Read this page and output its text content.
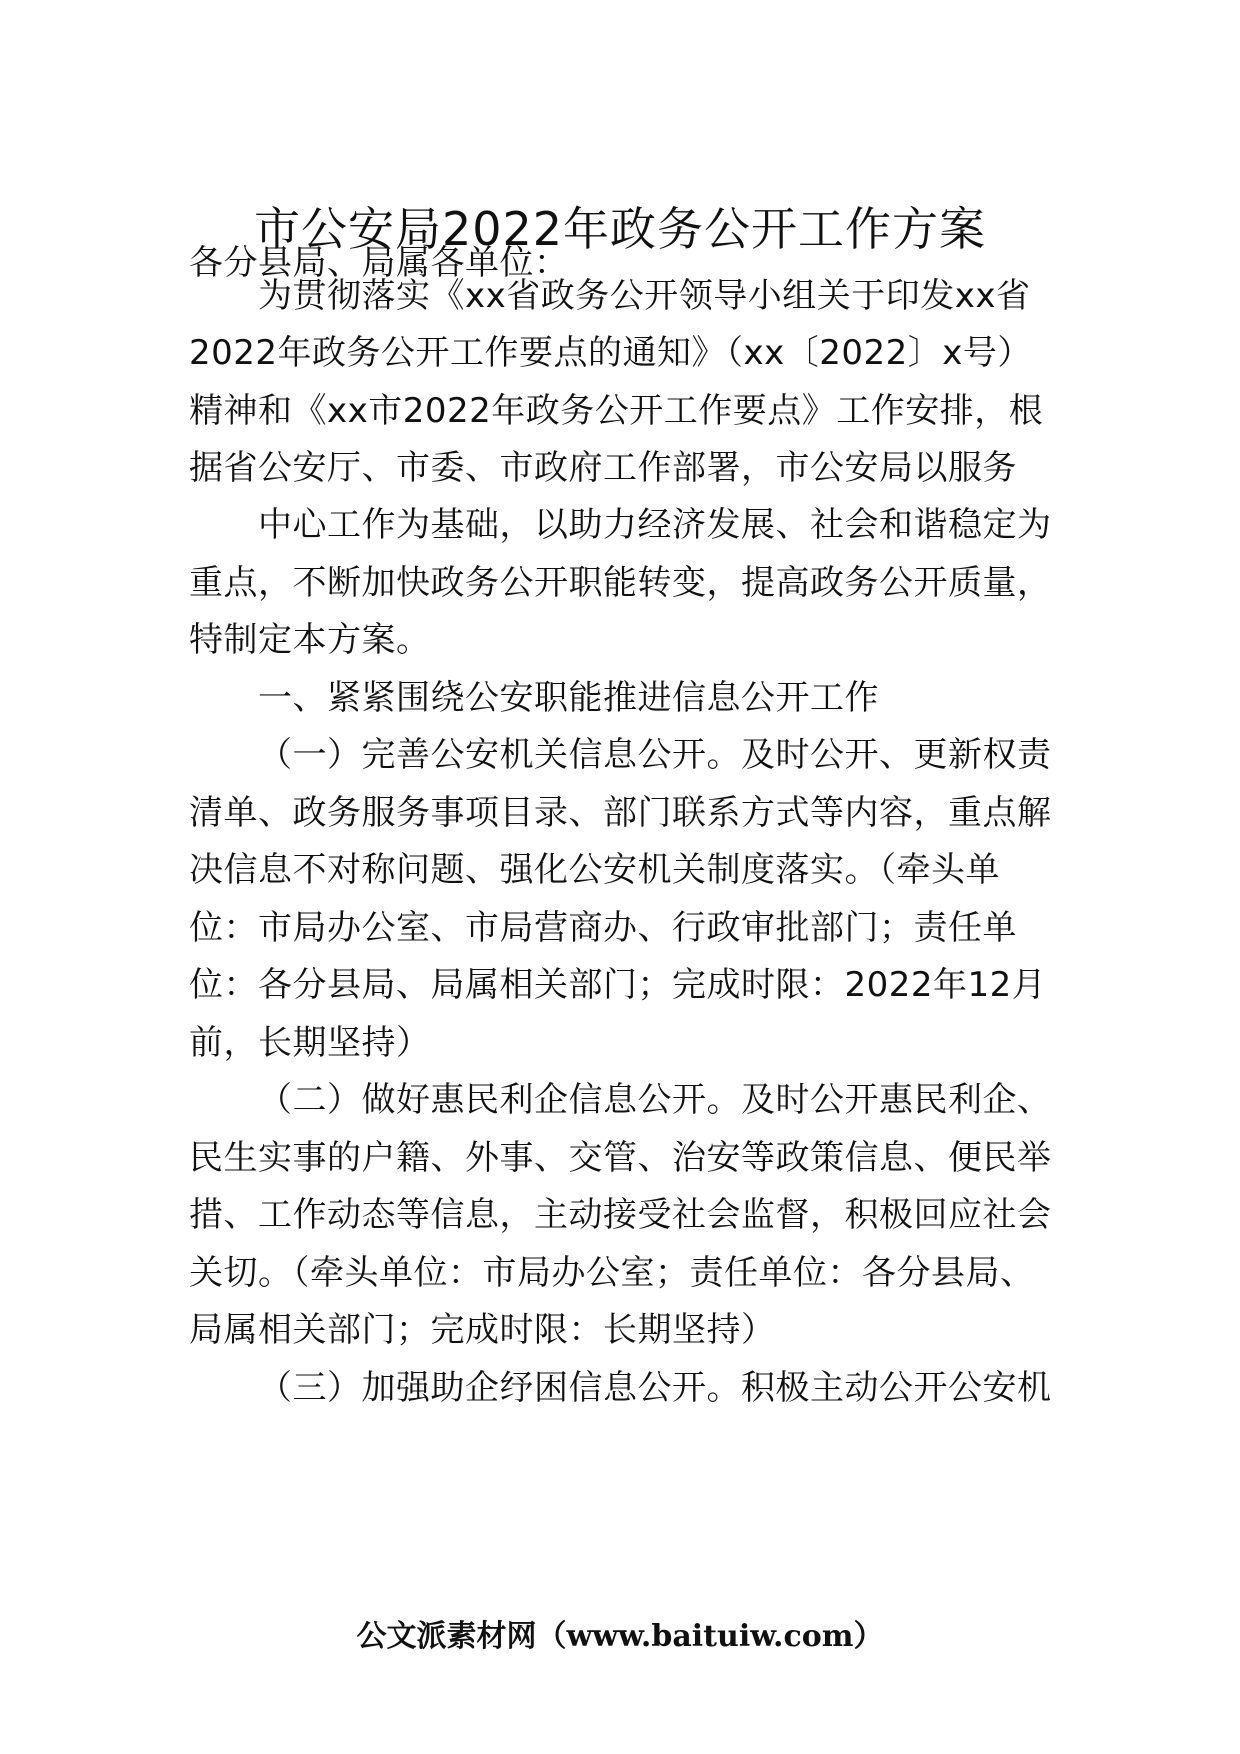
市公安局2022年政务公开工作方案
各分县局、局属各单位：
为贯彻落实《xx省政务公开领导小组关于印发xx省
2022年政务公开工作要点的通知》（xx〔2022〕x号）
精神和《xx市2022年政务公开工作要点》工作安排，根
据省公安厅、市委、市政府工作部署，市公安局以服务
中心工作为基础，以助力经济发展、社会和谐稳定为
重点，不断加快政务公开职能转变，提高政务公开质量，
特制定本方案。
一、紧紧围绕公安职能推进信息公开工作
（一）完善公安机关信息公开。及时公开、更新权责
清单、政务服务事项目录、部门联系方式等内容，重点解
决信息不对称问题、强化公安机关制度落实。（牵头单
位：市局办公室、市局营商办、行政审批部门；责任单
位：各分县局、局属相关部门；完成时限：2022年12月
前，长期坚持）
（二）做好惠民利企信息公开。及时公开惠民利企、
民生实事的户籍、外事、交管、治安等政策信息、便民举
措、工作动态等信息，主动接受社会监督，积极回应社会
关切。（牵头单位：市局办公室；责任单位：各分县局、
局属相关部门；完成时限：长期坚持）
（三）加强助企纾困信息公开。积极主动公开公安机
公文派素材网（www.baituiw.com）
